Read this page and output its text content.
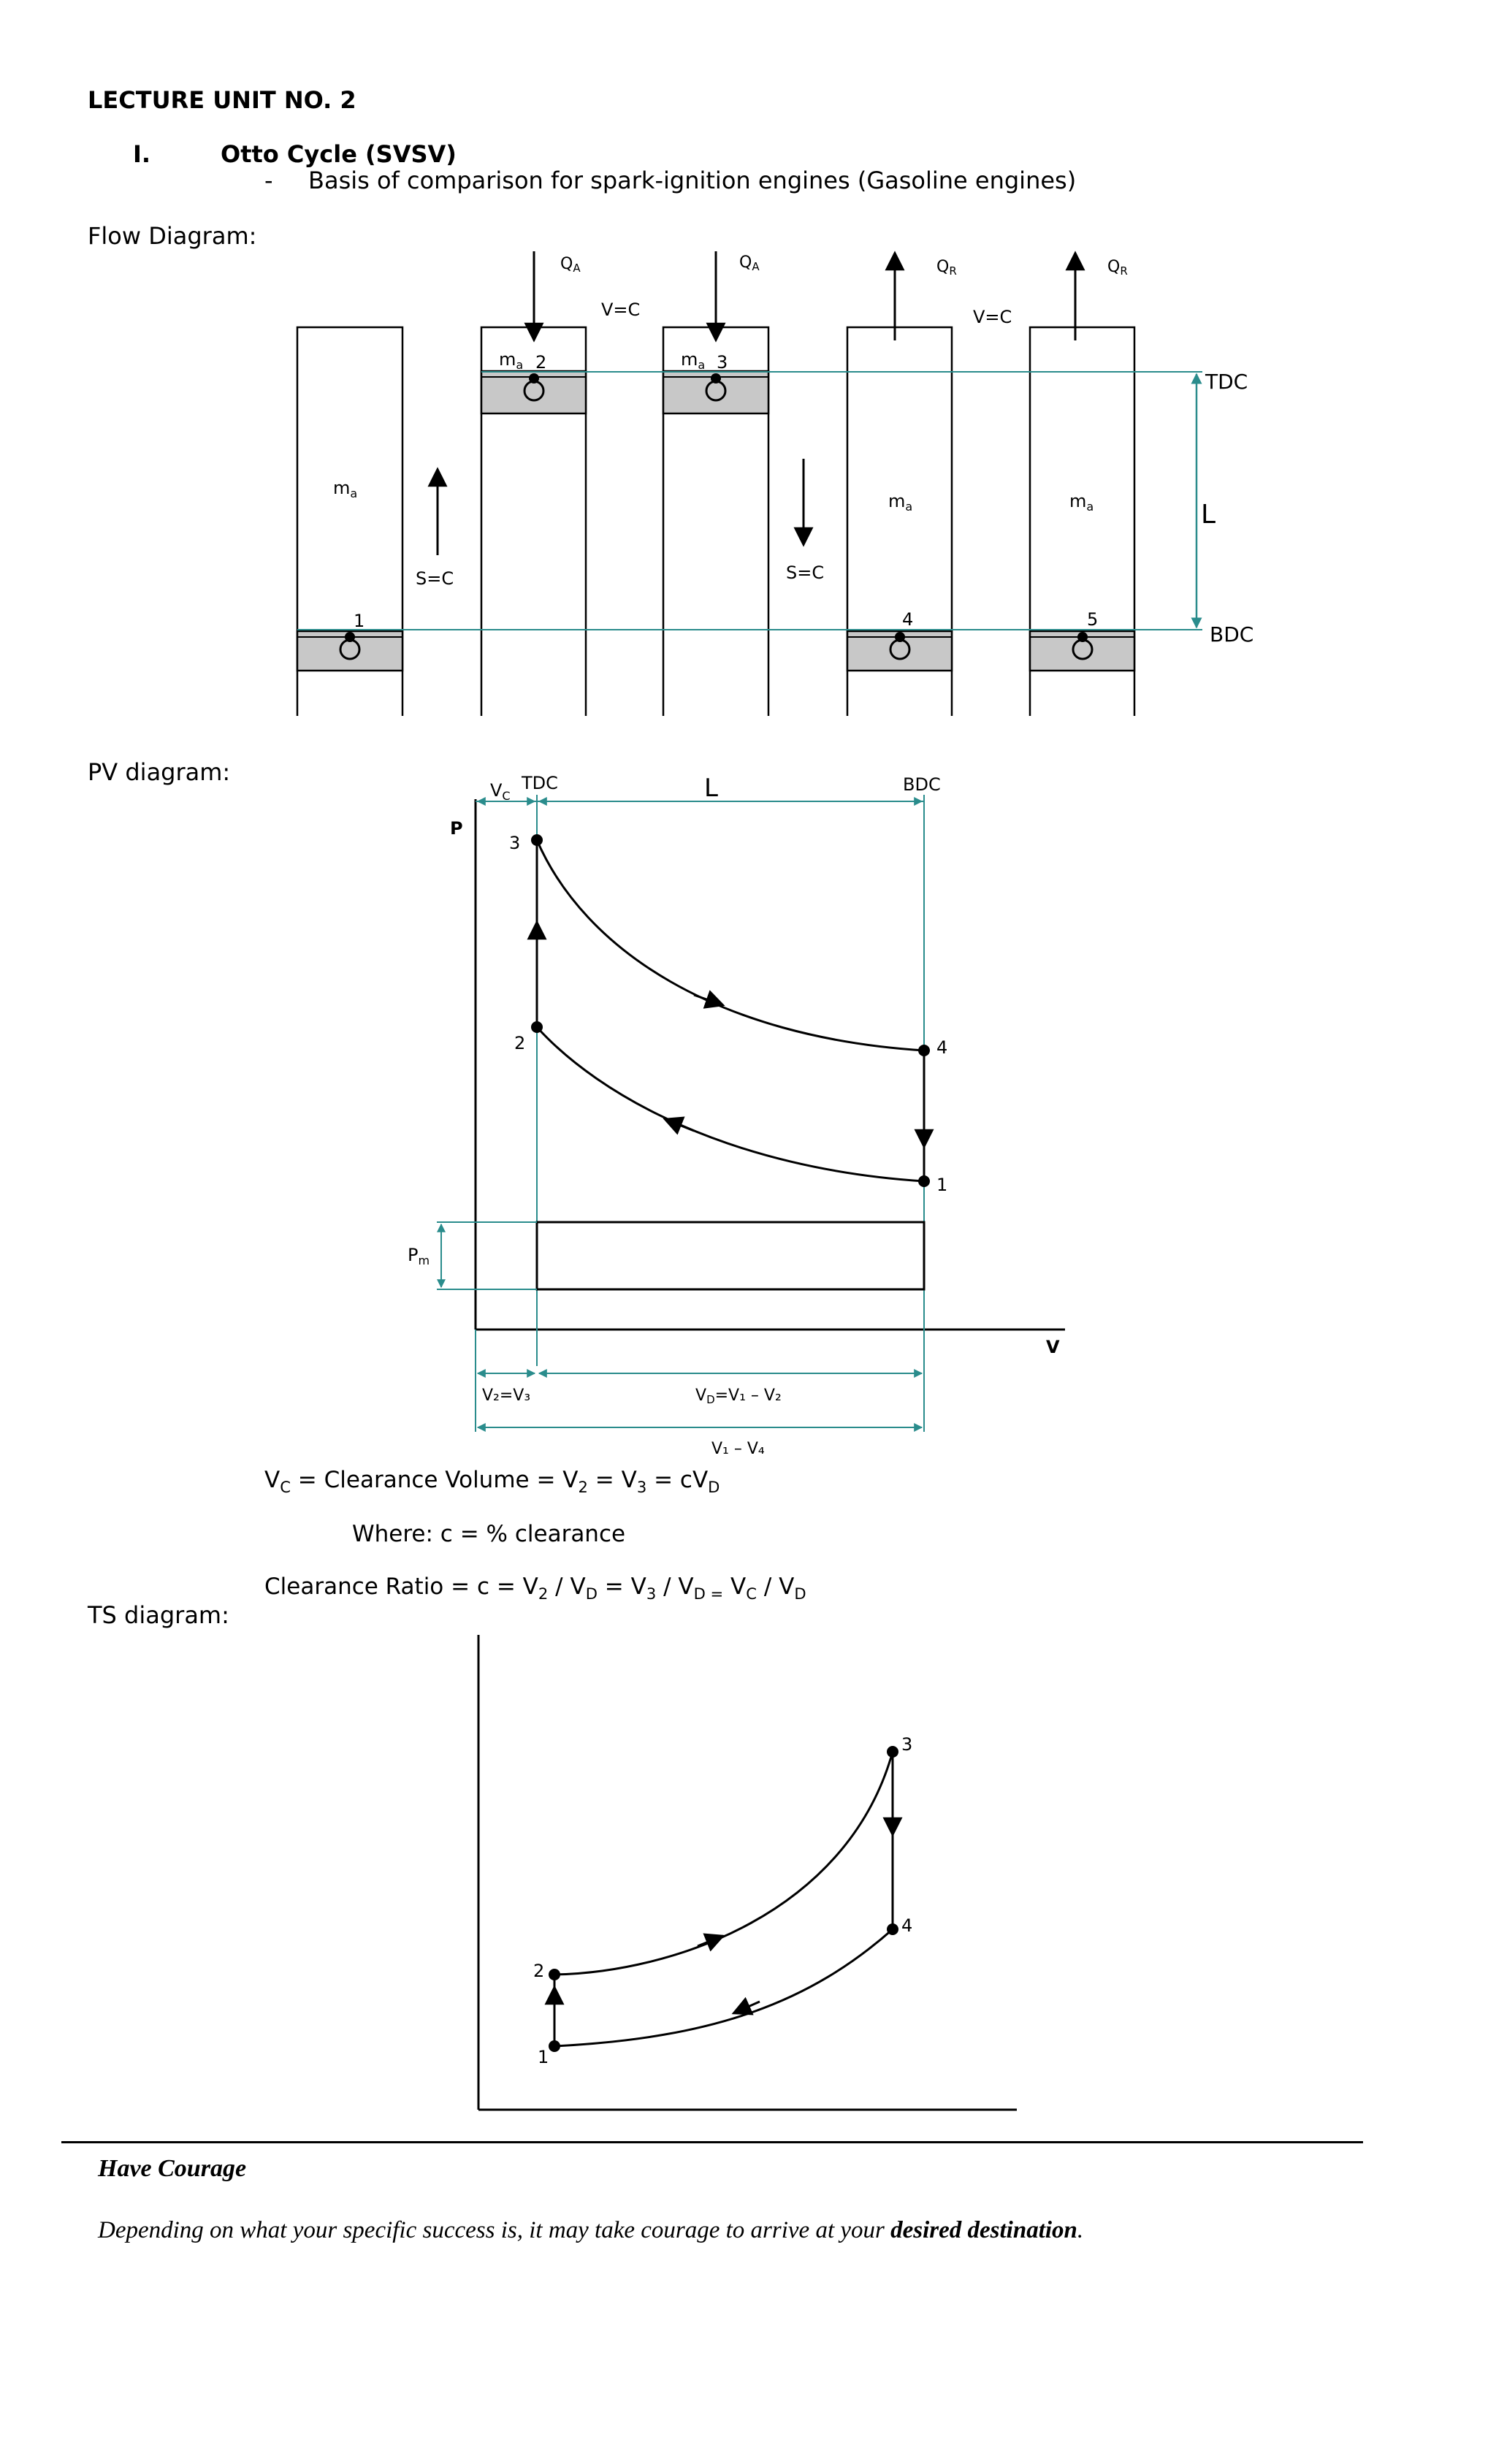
LECTURE UNIT NO. 2
I.	Otto Cycle (SVSV)
- Basis of comparison for spark-ignition engines (Gasoline engines)
Flow Diagram:
PV diagram:
TS diagram:
$V_C$ = Clearance Volume = $V_2 = V_3 = cV_D$
Where: c = % clearance
Clearance Ratio = $c = V_2 / V_D = V_3 / V_{D =}$ $V_C / V_D$
QA	QA	QR	QR
V=C	V=C
S=C	S=C
$m_a$
$m_a$	$m_a$
$m_a$	$m_a$
1
2	3
4	5
TDC
BDC
L
P
V
$V_C$
TDC	BDC
L
1
2
3
4
$P_m$
V₂=V₃	VD=V₁ – V₂
V₁ – V₄
1
2
3
4
Have Courage
Depending on what your specific success is, it may take courage to arrive at your desired destination.
